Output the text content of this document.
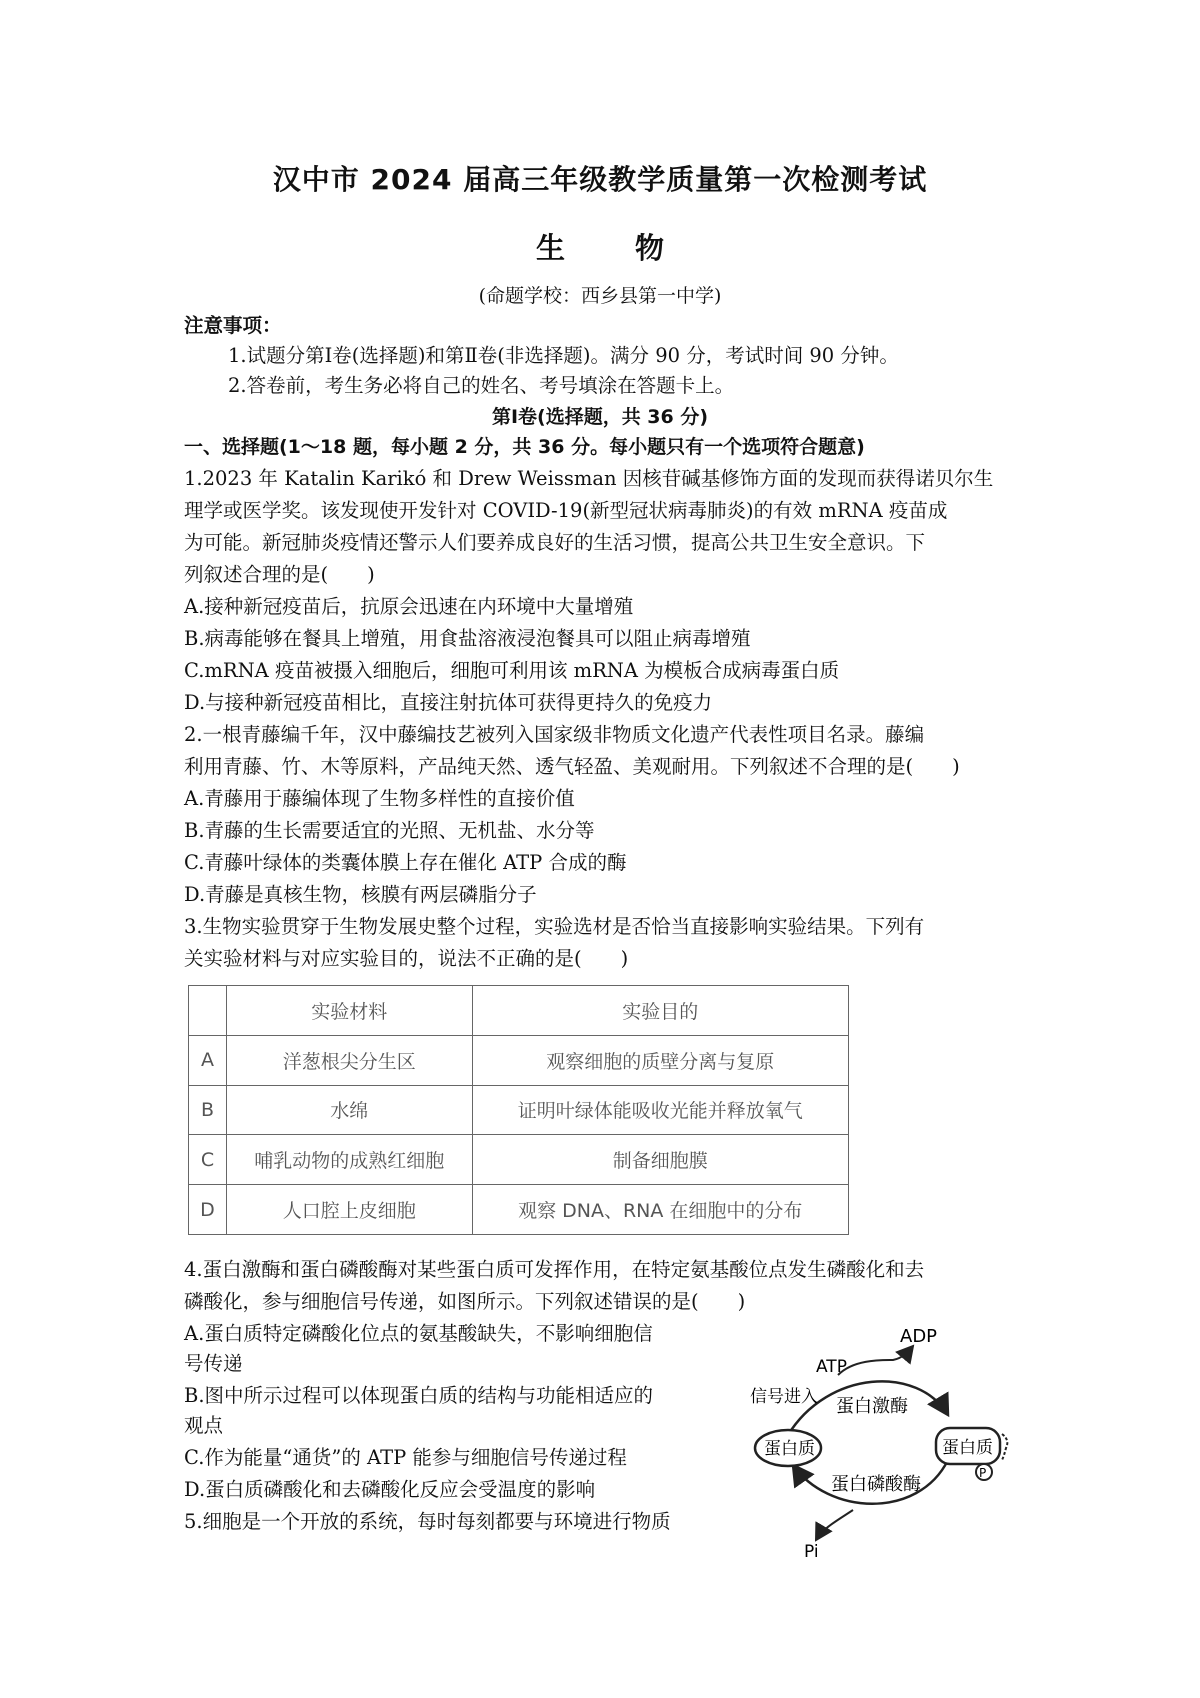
汉中市 2024 届高三年级教学质量第一次检测考试
生 物
(命题学校：西乡县第一中学)
注意事项：
1.试题分第Ⅰ卷(选择题)和第Ⅱ卷(非选择题)。满分 90 分，考试时间 90 分钟。
2.答卷前，考生务必将自己的姓名、考号填涂在答题卡上。
第Ⅰ卷(选择题，共 36 分)
一、选择题(1～18 题，每小题 2 分，共 36 分。每小题只有一个选项符合题意)
1.2023 年 Katalin Karikó 和 Drew Weissman 因核苷碱基修饰方面的发现而获得诺贝尔生
理学或医学奖。该发现使开发针对 COVID-19(新型冠状病毒肺炎)的有效 mRNA 疫苗成
为可能。新冠肺炎疫情还警示人们要养成良好的生活习惯，提高公共卫生安全意识。下
列叙述合理的是(　　)
A.接种新冠疫苗后，抗原会迅速在内环境中大量增殖
B.病毒能够在餐具上增殖，用食盐溶液浸泡餐具可以阻止病毒增殖
C.mRNA 疫苗被摄入细胞后，细胞可利用该 mRNA 为模板合成病毒蛋白质
D.与接种新冠疫苗相比，直接注射抗体可获得更持久的免疫力
2.一根青藤编千年，汉中藤编技艺被列入国家级非物质文化遗产代表性项目名录。藤编
利用青藤、竹、木等原料，产品纯天然、透气轻盈、美观耐用。下列叙述不合理的是(　　)
A.青藤用于藤编体现了生物多样性的直接价值
B.青藤的生长需要适宜的光照、无机盐、水分等
C.青藤叶绿体的类囊体膜上存在催化 ATP 合成的酶
D.青藤是真核生物，核膜有两层磷脂分子
3.生物实验贯穿于生物发展史整个过程，实验选材是否恰当直接影响实验结果。下列有
关实验材料与对应实验目的，说法不正确的是(　　)
	实验材料	实验目的
A	洋葱根尖分生区	观察细胞的质壁分离与复原
B	水绵	证明叶绿体能吸收光能并释放氧气
C	哺乳动物的成熟红细胞	制备细胞膜
D	人口腔上皮细胞	观察 DNA、RNA 在细胞中的分布
4.蛋白激酶和蛋白磷酸酶对某些蛋白质可发挥作用，在特定氨基酸位点发生磷酸化和去
磷酸化，参与细胞信号传递，如图所示。下列叙述错误的是(　　)
A.蛋白质特定磷酸化位点的氨基酸缺失，不影响细胞信
号传递
B.图中所示过程可以体现蛋白质的结构与功能相适应的
观点
C.作为能量“通货”的 ATP 能参与细胞信号传递过程
D.蛋白质磷酸化和去磷酸化反应会受温度的影响
5.细胞是一个开放的系统，每时每刻都要与环境进行物质
ADP
ATP
信号进入 蛋白激酶
蛋白质	蛋白质
P
蛋白磷酸酶
Pi
